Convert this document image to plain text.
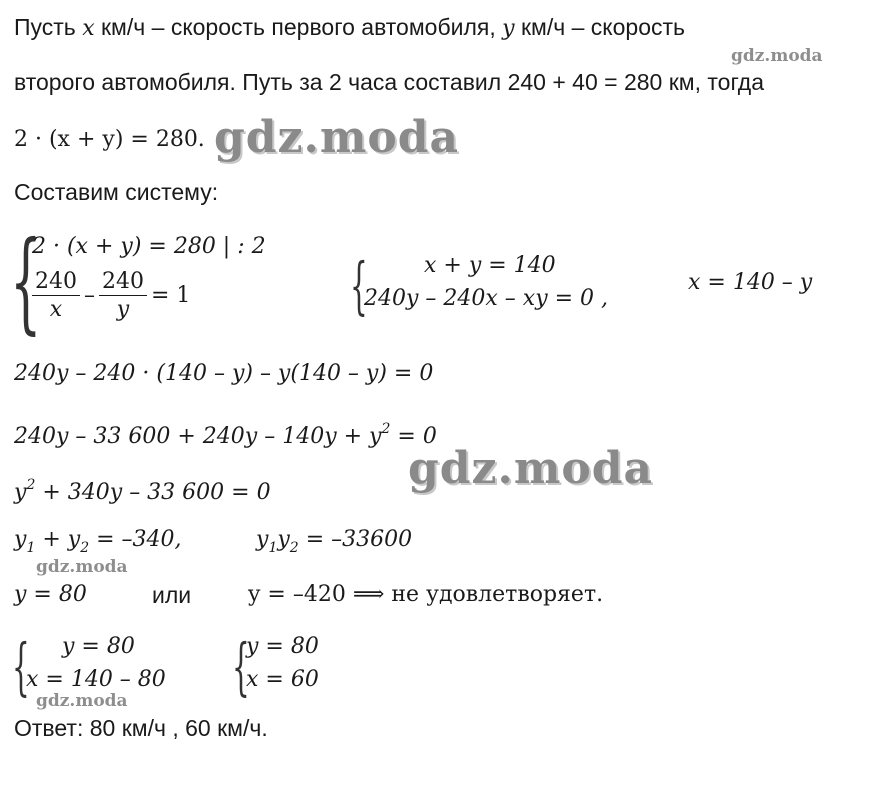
Пусть x км/ч – скорость первого автомобиля, y км/ч – скорость
второго автомобиля. Путь за 2 часа составил 240 + 40 = 280 км, тогда
2 · (x + y) = 280. gdz.moda
gdz.moda
Составим систему:
{
2 · (x + y) = 280 | : 2
$\frac{240}{x} - \frac{240}{y} = 1$	{	x + y = 140
240y – 240x – xy = 0 ,
x = 140 – y
240y – 240 · (140 – y) – y(140 – y) = 0
240y – 33 $600 + 240y - 140y + y^2 = 0$
gdz.moda
$y^2 + 340y - 33$ 600 = 0
$y_1 + y_2 = -340$,	$y_1y_2 = -33600$
gdz.moda
y = 80	или	y = –420 ⟹ не удовлетворяет.
{ y = 80
x = 140 – 80 {
y = 80
x = 60
gdz.moda
Ответ: 80 км/ч , 60 км/ч.
